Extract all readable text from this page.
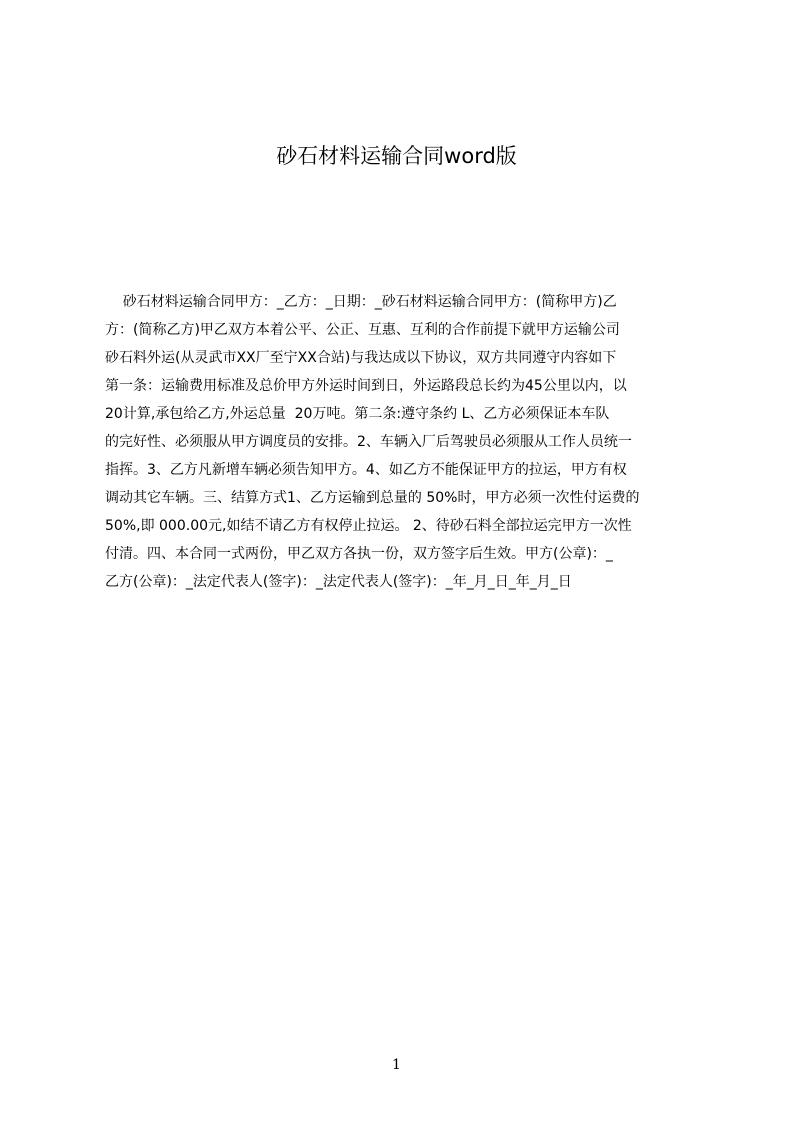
砂石材料运输合同word版
砂石材料运输合同甲方：_乙方：_日期：_砂石材料运输合同甲方：(简称甲方)乙
方：(简称乙方)甲乙双方本着公平、公正、互惠、互利的合作前提下就甲方运输公司
砂石料外运(从灵武市XX厂至宁XX合站)与我达成以下协议，双方共同遵守内容如下
第一条：运输费用标准及总价甲方外运时间到日，外运路段总长约为45公里以内，以
20计算,承包给乙方,外运总量  20万吨。第二条:遵守条约 L、乙方必须保证本车队
的完好性、必须服从甲方调度员的安排。2、车辆入厂后驾驶员必须服从工作人员统一
指挥。3、乙方凡新增车辆必须告知甲方。4、如乙方不能保证甲方的拉运，甲方有权
调动其它车辆。三、结算方式1、乙方运输到总量的 50%时，甲方必须一次性付运费的
50%,即 000.00元,如结不请乙方有权停止拉运。 2、待砂石料全部拉运完甲方一次性
付清。四、本合同一式两份，甲乙双方各执一份，双方签字后生效。甲方(公章)：_
乙方(公章)：_法定代表人(签字)：_法定代表人(签字)：_年_月_日_年_月_日
1
